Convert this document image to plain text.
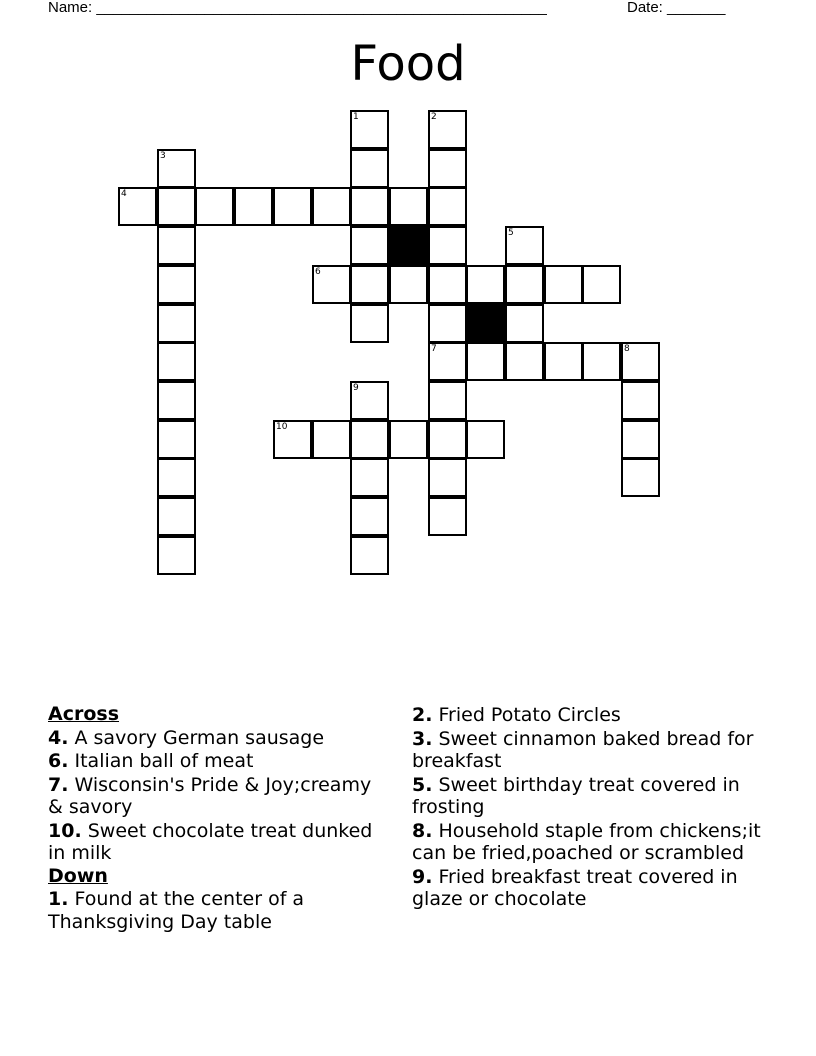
Name: ______________________________________________________	Date: _______
Food
1	2
3
4
5
6
7	8
9
10
Across
4. A savory German sausage
6. Italian ball of meat
7. Wisconsin's Pride & Joy;creamy & savory
10. Sweet chocolate treat dunked in milk
Down
1. Found at the center of a Thanksgiving Day table
2. Fried Potato Circles
3. Sweet cinnamon baked bread for breakfast
5. Sweet birthday treat covered in frosting
8. Household staple from chickens;it can be fried,poached or scrambled
9. Fried breakfast treat covered in glaze or chocolate
